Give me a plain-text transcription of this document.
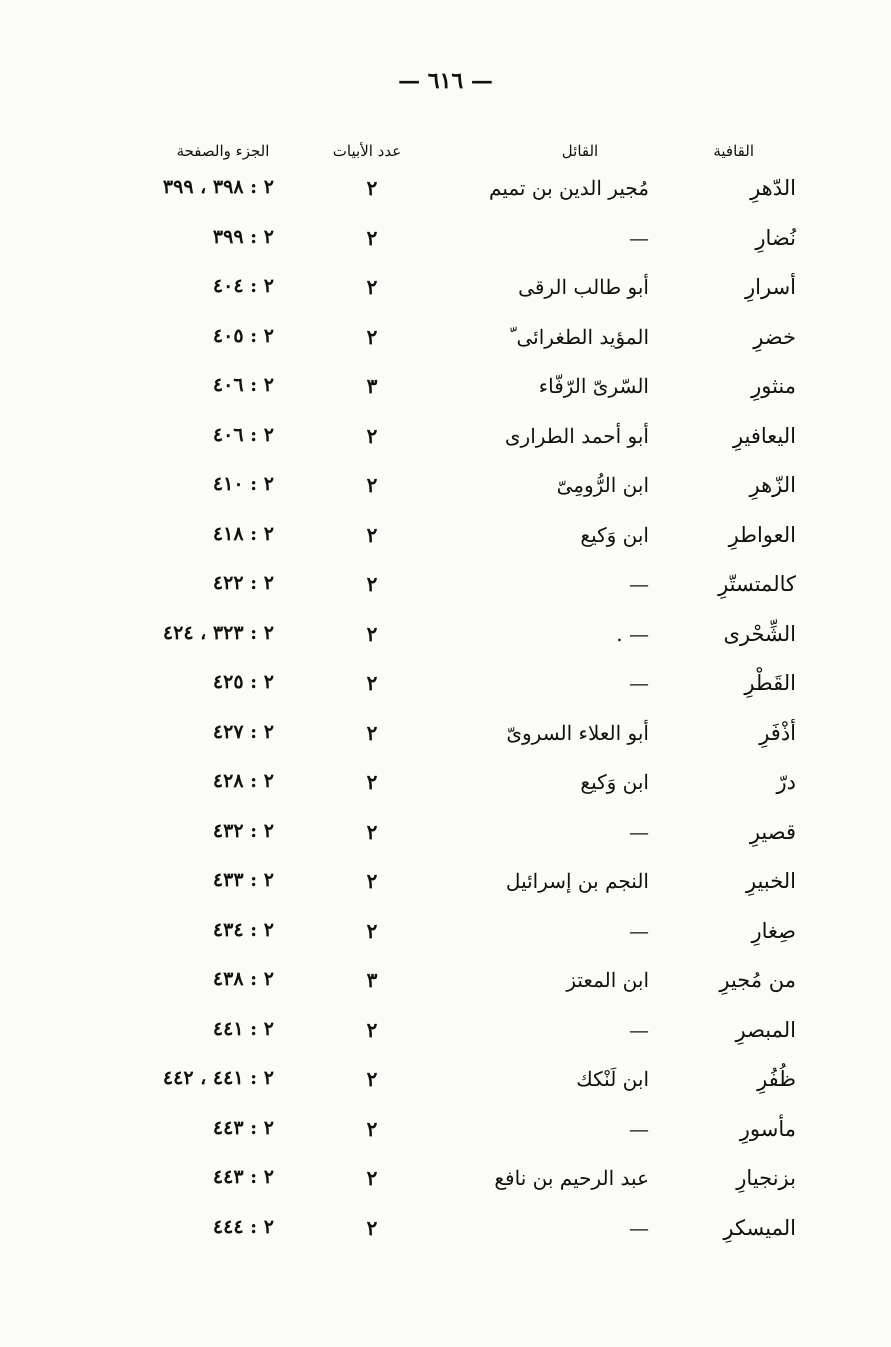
— ٦١٦ —
القافية
القائل
عدد الأبيات
الجزء والصفحة
الدّهرِ
مُجير الدين بن تميم
٢
٢ : ٣٩٨ ، ٣٩٩
نُضارِ
—
٢
٢ : ٣٩٩
أسرارِ
أبو طالب الرقى
٢
٢ : ٤٠٤
خضرِ
المؤيد الطغرائى ّ
٢
٢ : ٤٠٥
منثورِ
السّرىّ الرّفّاء
٣
٢ : ٤٠٦
اليعافيرِ
أبو أحمد الطرارى
٢
٢ : ٤٠٦
الزّهرِ
ابن الرُّومِىّ
٢
٢ : ٤١٠
العواطرِ
ابن وَكيع
٢
٢ : ٤١٨
كالمتستّرِ
—
٢
٢ : ٤٢٢
الشِّحْرى
— .
٢
٢ : ٣٢٣ ، ٤٢٤
القَطْرِ
—
٢
٢ : ٤٢٥
أذْفَرِ
أبو العلاء السروىّ
٢
٢ : ٤٢٧
درّ
ابن وَكيع
٢
٢ : ٤٢٨
قصيرِ
—
٢
٢ : ٤٣٢
الخبيرِ
النجم بن إسرائيل
٢
٢ : ٤٣٣
صِغارِ
—
٢
٢ : ٤٣٤
من مُجيرِ
ابن المعتز
٣
٢ : ٤٣٨
المبصرِ
—
٢
٢ : ٤٤١
ظُفُرِ
ابن لَنْكك
٢
٢ : ٤٤١ ، ٤٤٢
مأسورِ
—
٢
٢ : ٤٤٣
بزنجيارِ
عبد الرحيم بن نافع
٢
٢ : ٤٤٣
الميسكرِ
—
٢
٢ : ٤٤٤
